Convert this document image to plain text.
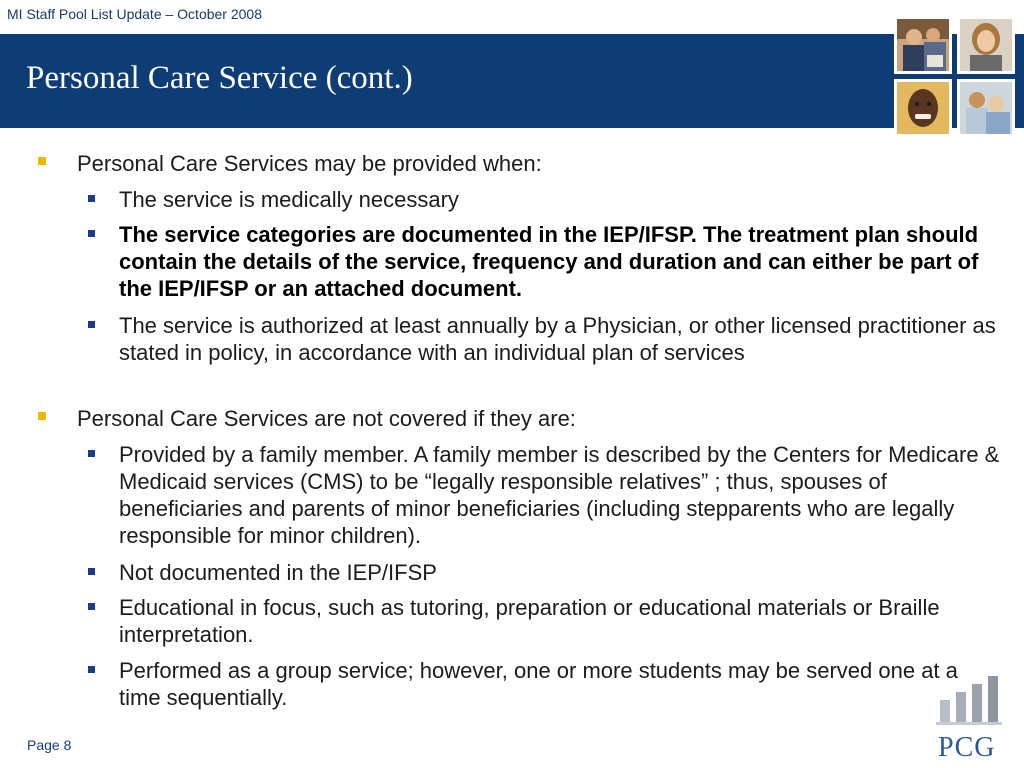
MI Staff Pool List Update – October 2008
Personal Care Service (cont.)
Personal Care Services may be provided when:
The service is medically necessary
The service categories are documented in the IEP/IFSP. The treatment plan should contain the details of the service, frequency and duration and can either be part of the IEP/IFSP or an attached document.
The service is authorized at least annually by a Physician, or other licensed practitioner as stated in policy, in accordance with an individual plan of services
Personal Care Services are not covered if they are:
Provided by a family member. A family member is described by the Centers for Medicare & Medicaid services (CMS) to be “legally responsible relatives” ; thus, spouses of beneficiaries and parents of minor beneficiaries (including stepparents who are legally responsible for minor children).
Not documented in the IEP/IFSP
Educational in focus, such as tutoring, preparation or educational materials or Braille interpretation.
Performed as a group service; however, one or more students may be served one at a time sequentially.
Page 8	PCG
